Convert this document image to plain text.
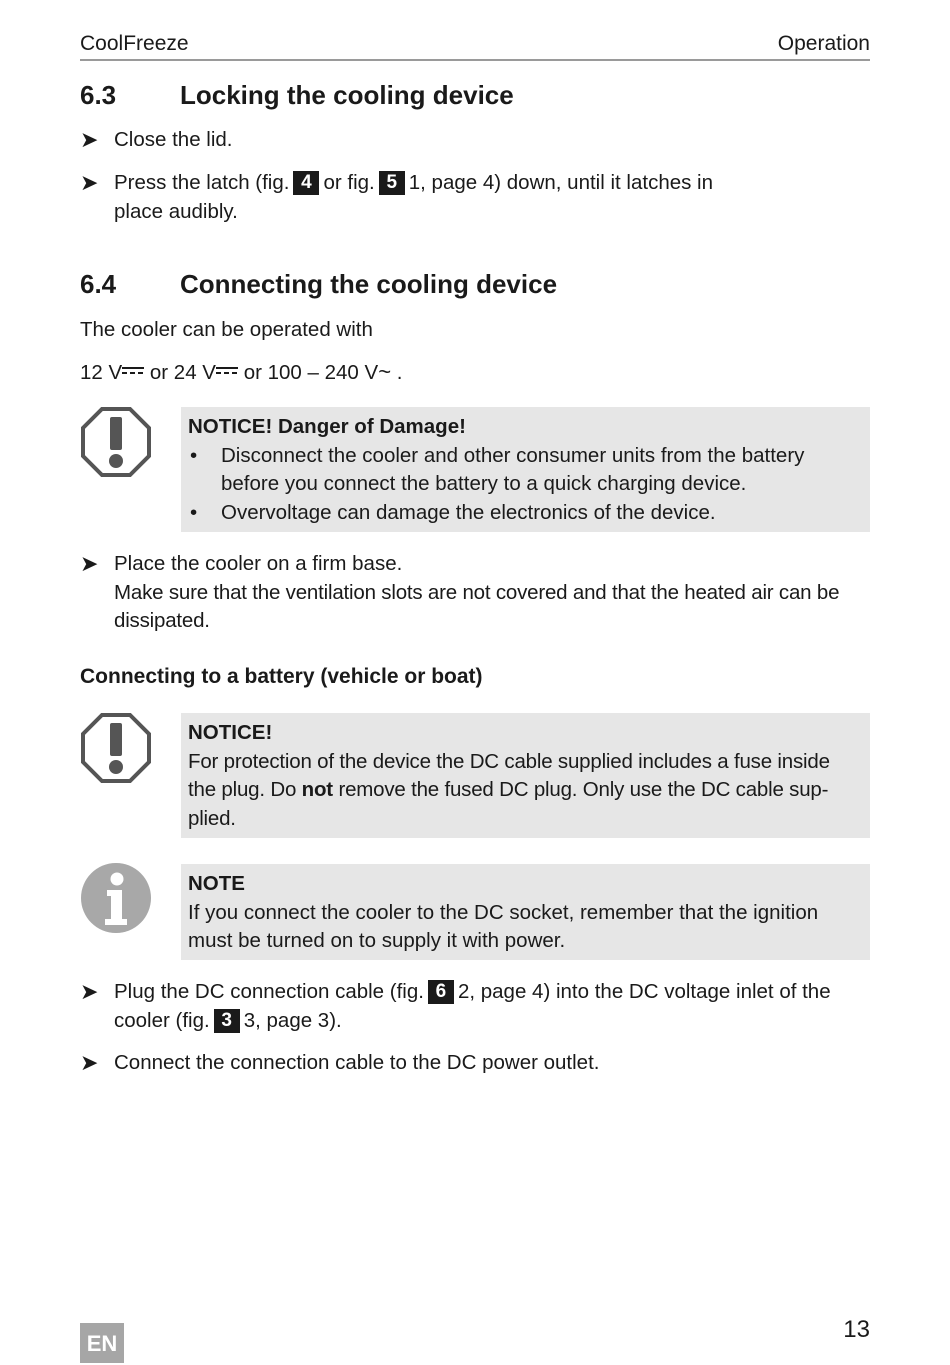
CoolFreeze	Operation
6.3 Locking the cooling device
➤ Close the lid.
➤ Press the latch (fig. 4 or fig. 5 1, page 4) down, until it latches in
place audibly.
6.4 Connecting the cooling device
The cooler can be operated with
12 V or 24 V or 100 – 240 V~ .
NOTICE! Danger of Damage!
• Disconnect the cooler and other consumer units from the battery before you connect the battery to a quick charging device.
• Overvoltage can damage the electronics of the device.
➤ Place the cooler on a firm base.
Make sure that the ventilation slots are not covered and that the heated air can be dissipated.
Connecting to a battery (vehicle or boat)
NOTICE!
For protection of the device the DC cable supplied includes a fuse inside the plug. Do not remove the fused DC plug. Only use the DC cable sup-plied.
NOTE
If you connect the cooler to the DC socket, remember that the ignition must be turned on to supply it with power.
➤ Plug the DC connection cable (fig. 6 2, page 4) into the DC voltage inlet of the cooler (fig. 3 3, page 3).
➤ Connect the connection cable to the DC power outlet.
EN
13
